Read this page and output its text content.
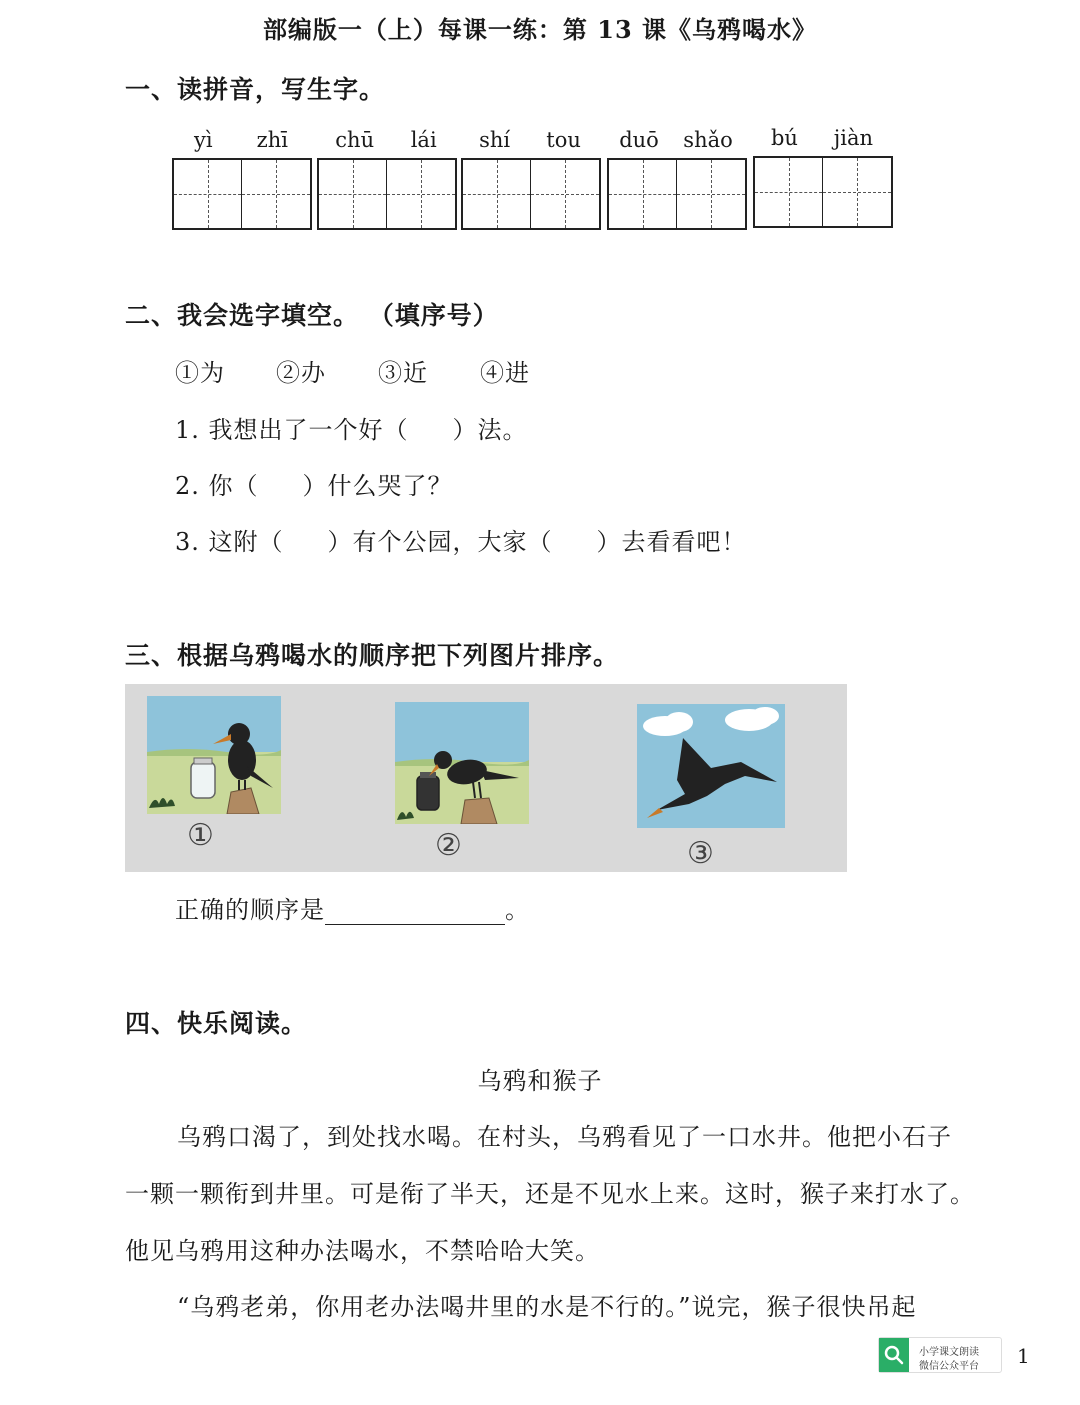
部编版一（上）每课一练：第 13 课《乌鸦喝水》
一、读拼音，写生字。
yì zhī chū lái shí tou duō shǎo bú jiàn
二、我会选字填空。 （填序号）
①为 ②办 ③近 ④进
1. 我想出了一个好（ ）法。
2. 你（ ）什么哭了？
3. 这附（ ）有个公园，大家（ ）去看看吧！
三、根据乌鸦喝水的顺序把下列图片排序。
①	②	③
正确的顺序是	。
四、快乐阅读。
乌鸦和猴子
乌鸦口渴了，到处找水喝。在村头，乌鸦看见了一口水井。他把小石子
一颗一颗衔到井里。可是衔了半天，还是不见水上来。这时，猴子来打水了。
他见乌鸦用这种办法喝水，不禁哈哈大笑。
“乌鸦老弟，你用老办法喝井里的水是不行的。”说完，猴子很快吊起
小学课文朗读
微信公众平台 1
